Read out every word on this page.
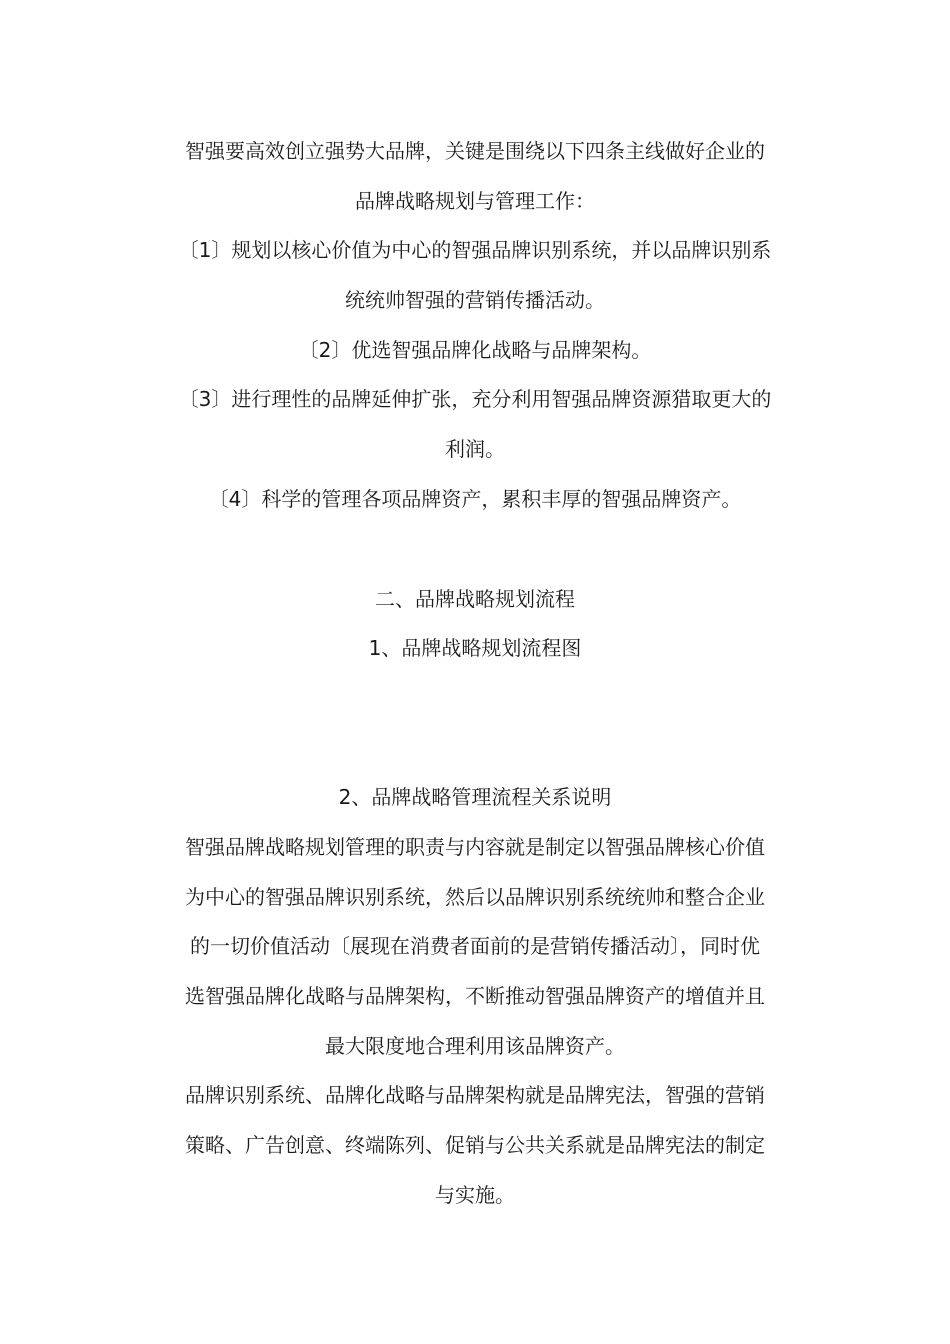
智强要高效创立强势大品牌，关键是围绕以下四条主线做好企业的
品牌战略规划与管理工作：
〔1〕规划以核心价值为中心的智强品牌识别系统，并以品牌识别系
统统帅智强的营销传播活动。
〔2〕优选智强品牌化战略与品牌架构。
〔3〕进行理性的品牌延伸扩张，充分利用智强品牌资源猎取更大的
利润。
〔4〕科学的管理各项品牌资产，累积丰厚的智强品牌资产。
二、品牌战略规划流程
1、品牌战略规划流程图
2、品牌战略管理流程关系说明
智强品牌战略规划管理的职责与内容就是制定以智强品牌核心价值
为中心的智强品牌识别系统，然后以品牌识别系统统帅和整合企业
的一切价值活动〔展现在消费者面前的是营销传播活动〕，同时优
选智强品牌化战略与品牌架构，不断推动智强品牌资产的增值并且
最大限度地合理利用该品牌资产。
品牌识别系统、品牌化战略与品牌架构就是品牌宪法，智强的营销
策略、广告创意、终端陈列、促销与公共关系就是品牌宪法的制定
与实施。
